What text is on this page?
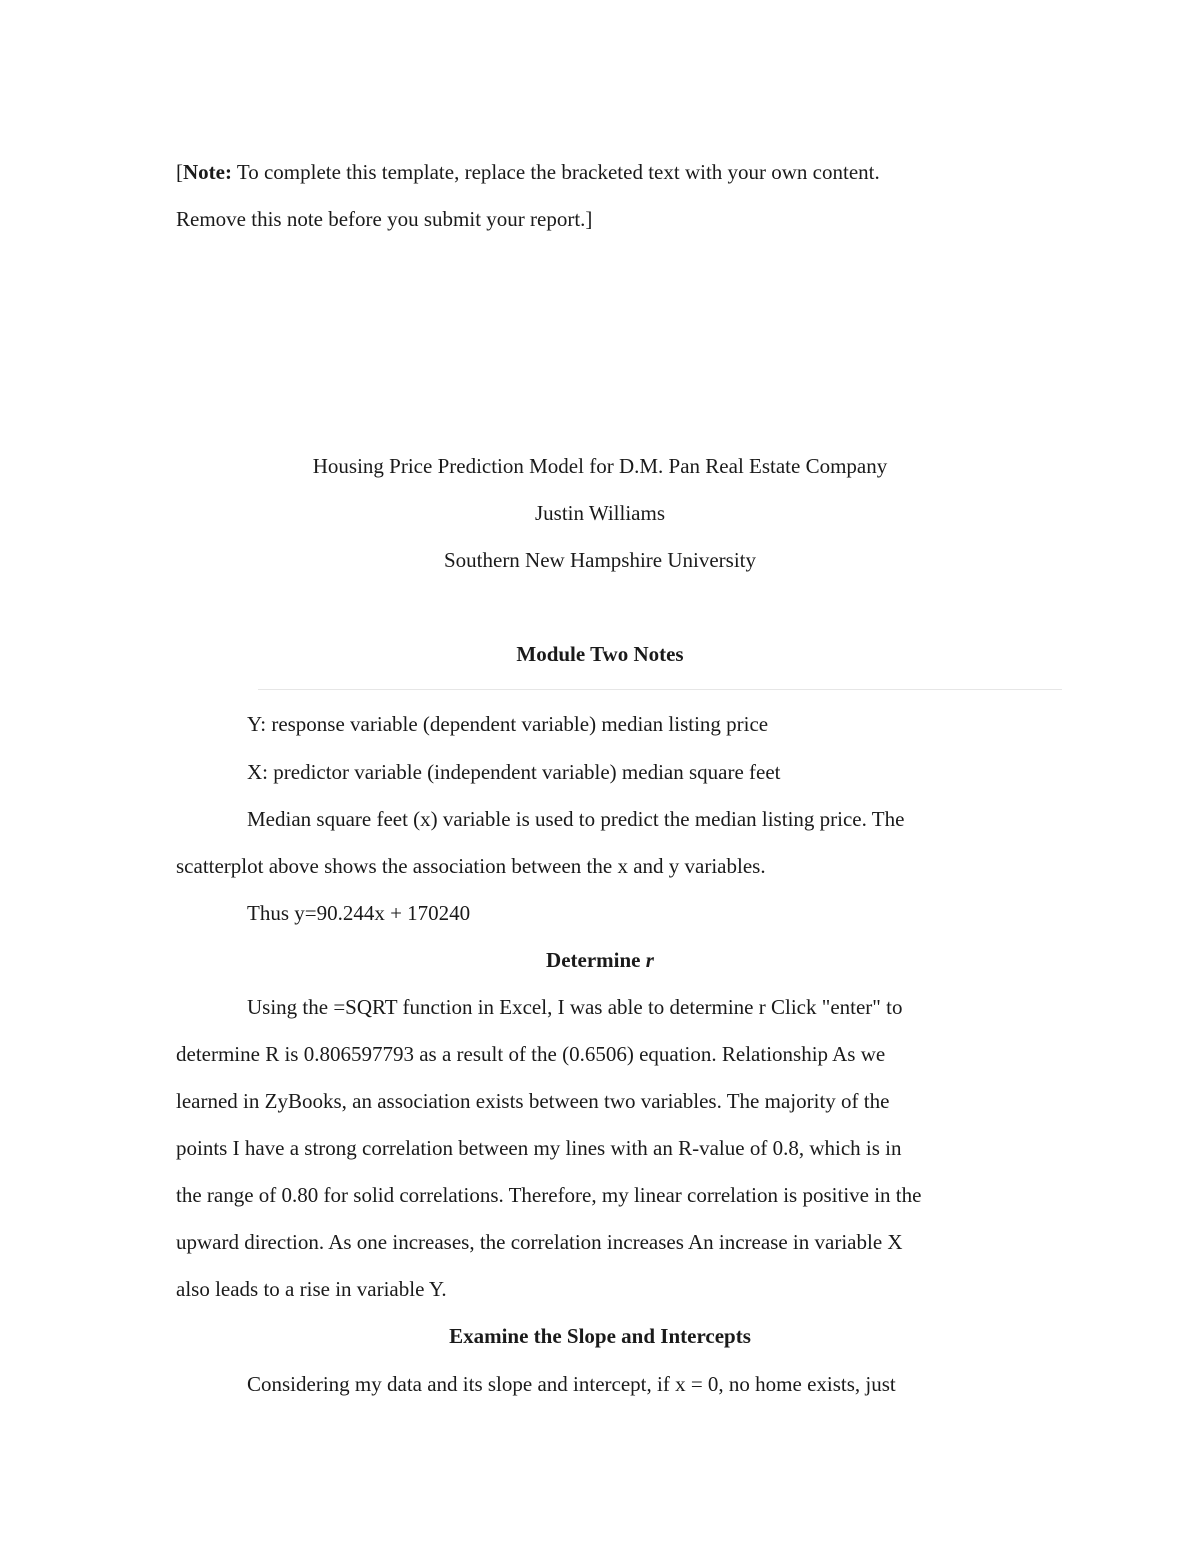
[Note: To complete this template, replace the bracketed text with your own content.
Remove this note before you submit your report.]
Housing Price Prediction Model for D.M. Pan Real Estate Company
Justin Williams
Southern New Hampshire University
Module Two Notes
Y: response variable (dependent variable) median listing price
X: predictor variable (independent variable) median square feet
Median square feet (x) variable is used to predict the median listing price. The
scatterplot above shows the association between the x and y variables.
Thus y=90.244x + 170240
Determine r
Using the =SQRT function in Excel, I was able to determine r Click "enter" to
determine R is 0.806597793 as a result of the (0.6506) equation. Relationship As we
learned in ZyBooks, an association exists between two variables. The majority of the
points I have a strong correlation between my lines with an R-value of 0.8, which is in
the range of 0.80 for solid correlations. Therefore, my linear correlation is positive in the
upward direction. As one increases, the correlation increases An increase in variable X
also leads to a rise in variable Y.
Examine the Slope and Intercepts
Considering my data and its slope and intercept, if x = 0, no home exists, just
